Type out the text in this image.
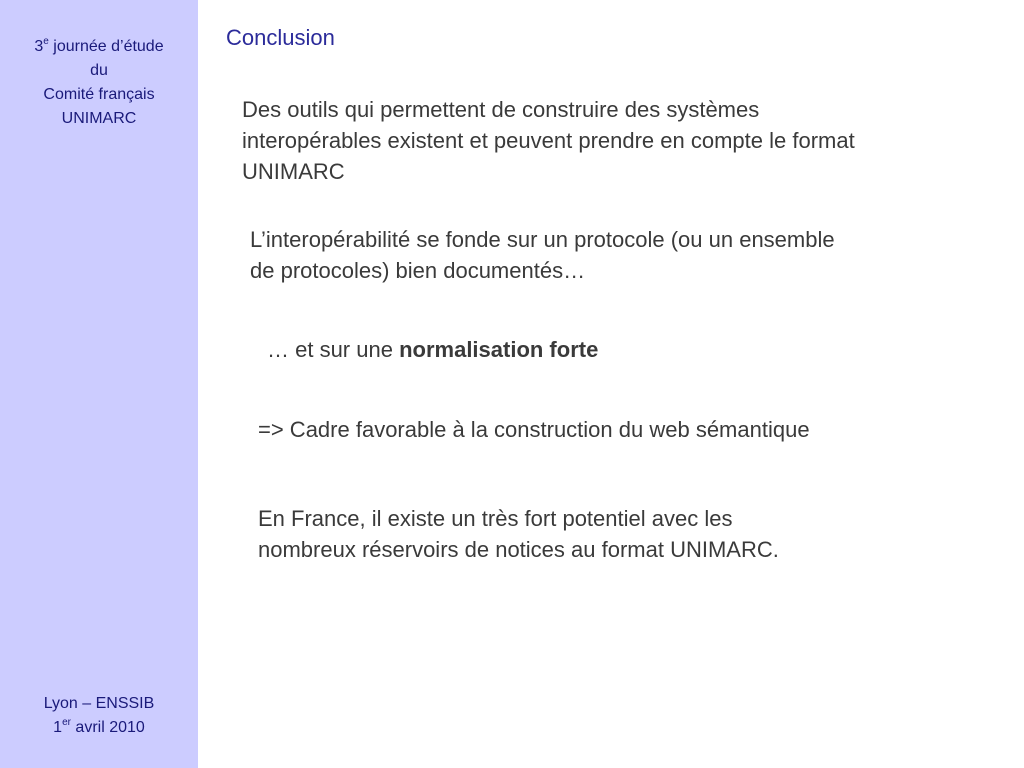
3e journée d’étude
du
Comité français
UNIMARC
Lyon – ENSSIB
1er avril 2010
Conclusion
Des outils qui permettent de construire des systèmes
interopérables existent et peuvent prendre en compte le format
UNIMARC
L’interopérabilité se fonde sur un protocole (ou un ensemble
de protocoles) bien documentés…
… et sur une normalisation forte
=> Cadre favorable à la construction du web sémantique
En France, il existe un très fort potentiel avec les
nombreux réservoirs de notices au format UNIMARC.
